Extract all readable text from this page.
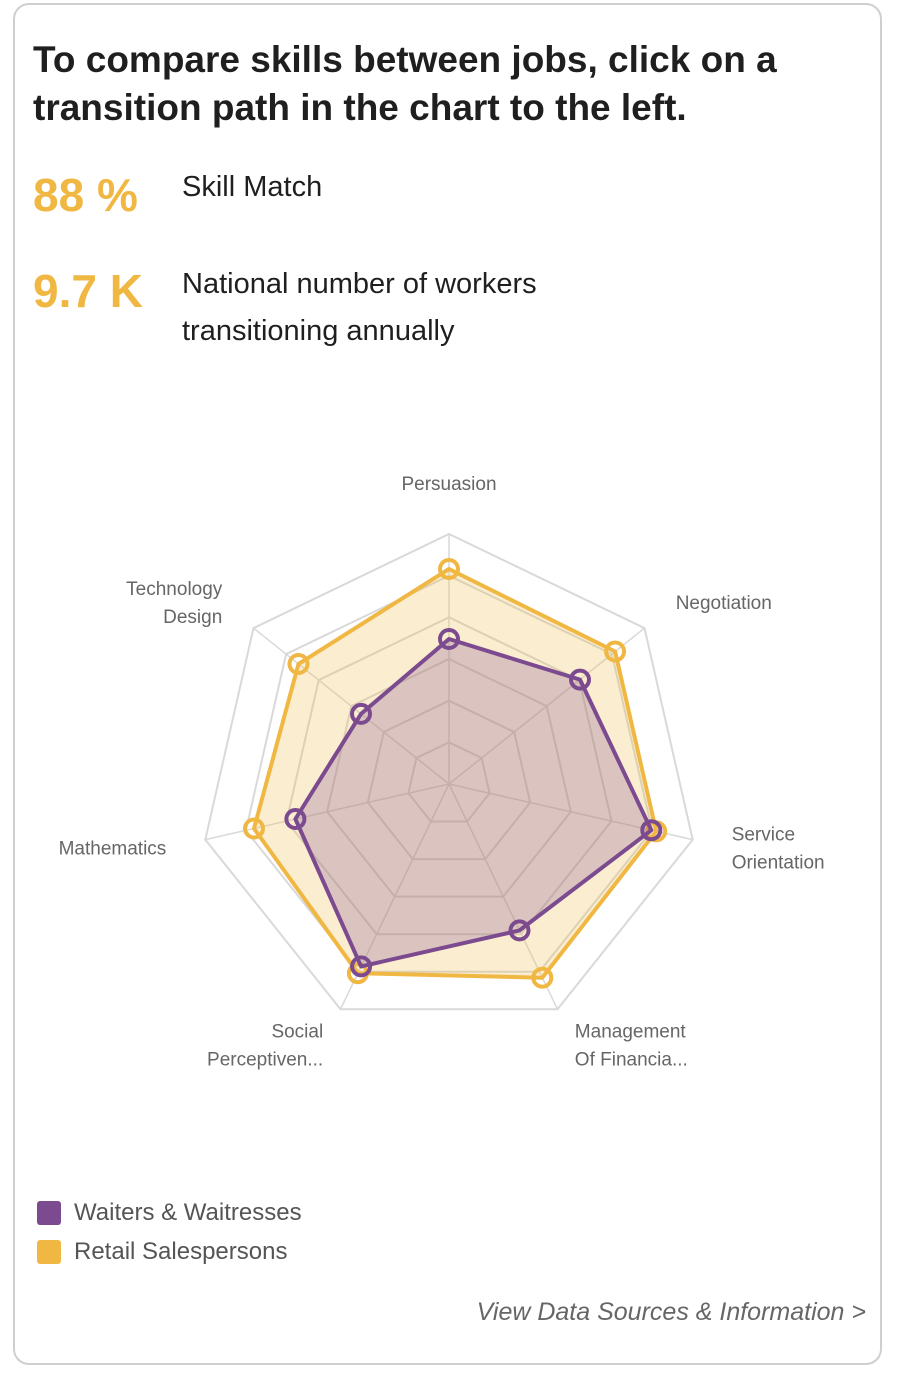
To compare skills between jobs, click on a transition path in the chart to the left.
88 % Skill Match
9.7 K National number of workers transitioning annually
Persuasion
Negotiation
Service Orientation
Management Of Financia...
Social Perceptiven...
Mathematics
Technology Design
Waiters & Waitresses
Retail Salespersons
View Data Sources & Information >
